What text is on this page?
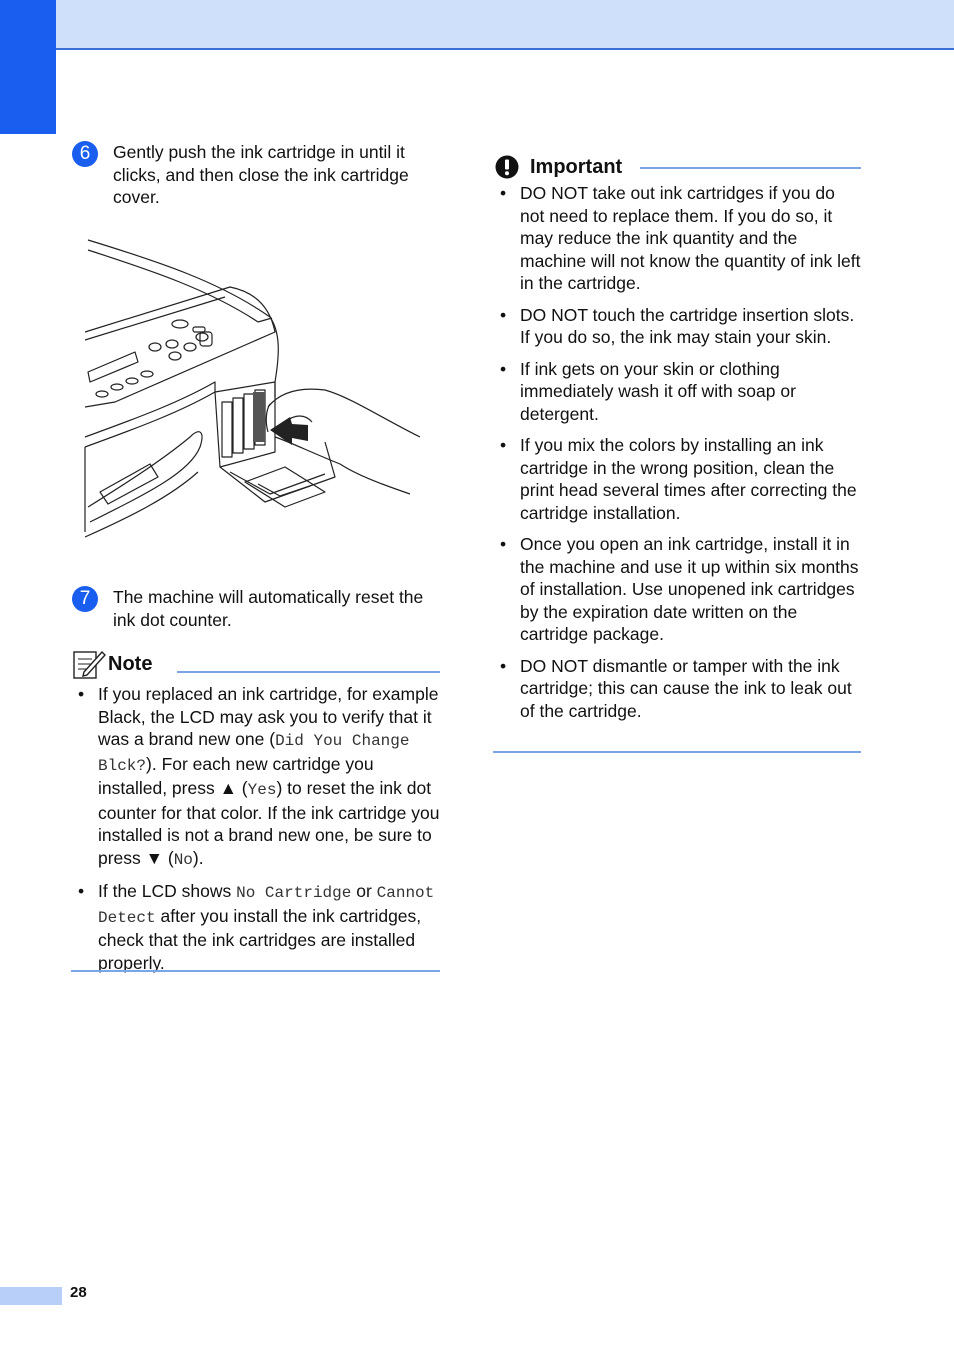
6	Gently push the ink cartridge in until it clicks, and then close the ink cartridge cover.
7	The machine will automatically reset the ink dot counter.
Note
• If you replaced an ink cartridge, for example Black, the LCD may ask you to verify that it was a brand new one (Did You Change Blck?). For each new cartridge you installed, press ▲ (Yes) to reset the ink dot counter for that color. If the ink cartridge you installed is not a brand new one, be sure to press ▼ (No).
• If the LCD shows No Cartridge or Cannot Detect after you install the ink cartridges, check that the ink cartridges are installed properly.
Important
• DO NOT take out ink cartridges if you do not need to replace them. If you do so, it may reduce the ink quantity and the machine will not know the quantity of ink left in the cartridge.
• DO NOT touch the cartridge insertion slots. If you do so, the ink may stain your skin.
• If ink gets on your skin or clothing immediately wash it off with soap or detergent.
• If you mix the colors by installing an ink cartridge in the wrong position, clean the print head several times after correcting the cartridge installation.
• Once you open an ink cartridge, install it in the machine and use it up within six months of installation. Use unopened ink cartridges by the expiration date written on the cartridge package.
• DO NOT dismantle or tamper with the ink cartridge; this can cause the ink to leak out of the cartridge.
28
